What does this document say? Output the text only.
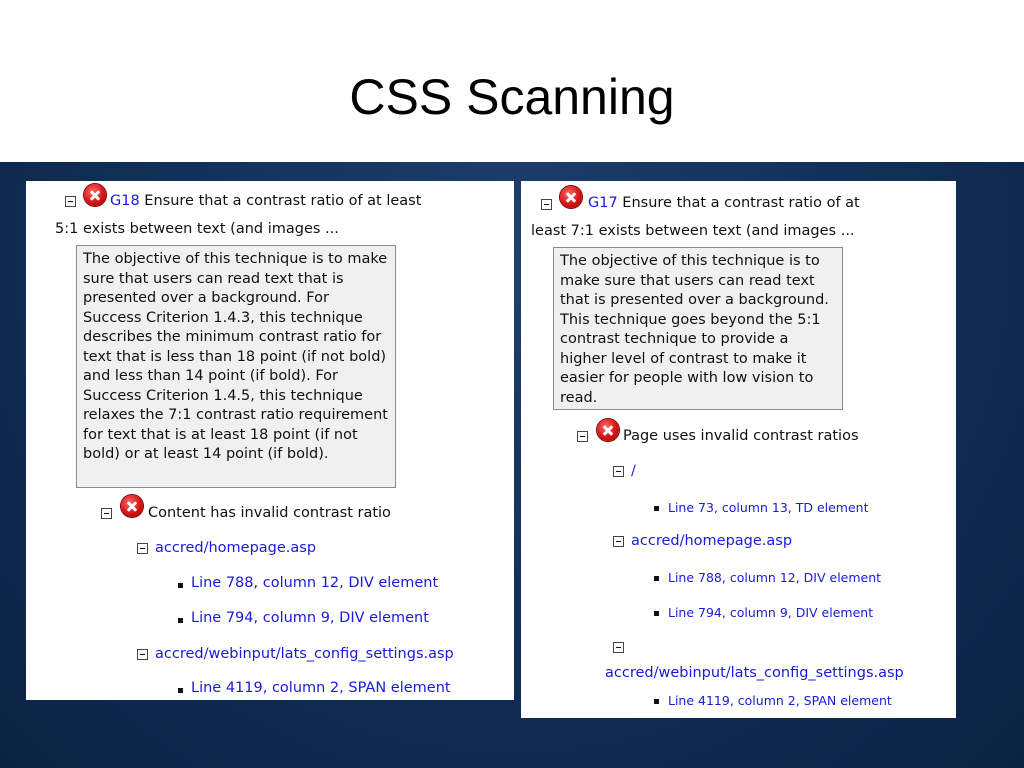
CSS Scanning
G18 Ensure that a contrast ratio of at least
5:1 exists between text (and images ...
The objective of this technique is to make sure that users can read text that is presented over a background. For Success Criterion 1.4.3, this technique describes the minimum contrast ratio for text that is less than 18 point (if not bold) and less than 14 point (if bold). For Success Criterion 1.4.5, this technique relaxes the 7:1 contrast ratio requirement for text that is at least 18 point (if not bold) or at least 14 point (if bold).
Content has invalid contrast ratio
accred/homepage.asp
Line 788, column 12, DIV element
Line 794, column 9, DIV element
accred/webinput/lats_config_settings.asp
Line 4119, column 2, SPAN element
G17 Ensure that a contrast ratio of at
least 7:1 exists between text (and images ...
The objective of this technique is to make sure that users can read text that is presented over a background. This technique goes beyond the 5:1 contrast technique to provide a higher level of contrast to make it easier for people with low vision to read.
Page uses invalid contrast ratios
/
Line 73, column 13, TD element
accred/homepage.asp
Line 788, column 12, DIV element
Line 794, column 9, DIV element
accred/webinput/lats_config_settings.asp
Line 4119, column 2, SPAN element
